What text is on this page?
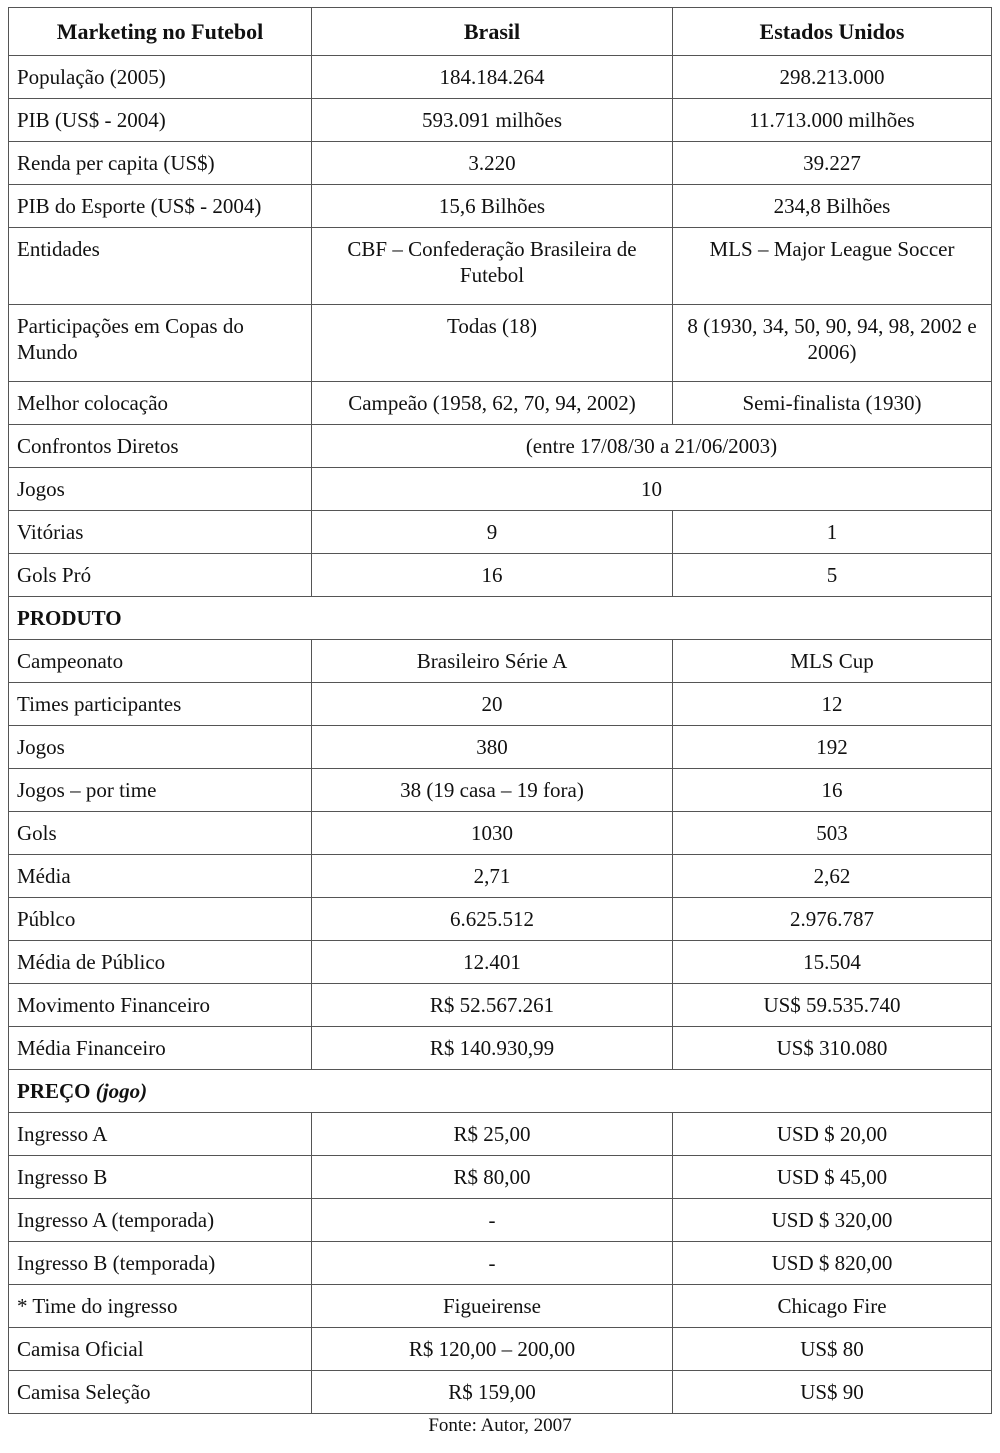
Marketing no Futebol	Brasil	Estados Unidos
População (2005)	184.184.264	298.213.000
PIB (US$ - 2004)	593.091 milhões	11.713.000 milhões
Renda per capita (US$)	3.220	39.227
PIB do Esporte (US$ - 2004)	15,6 Bilhões	234,8 Bilhões
Entidades	CBF – Confederação Brasileira de Futebol	MLS – Major League Soccer
Participações em Copas do Mundo	Todas (18)	8 (1930, 34, 50, 90, 94, 98, 2002 e 2006)
Melhor colocação	Campeão (1958, 62, 70, 94, 2002)	Semi-finalista (1930)
Confrontos Diretos	(entre 17/08/30 a 21/06/2003)	
Jogos	10	
Vitórias	9	1
Gols Pró	16	5
PRODUTO		
Campeonato	Brasileiro Série A	MLS Cup
Times participantes	20	12
Jogos	380	192
Jogos – por time	38 (19 casa – 19 fora)	16
Gols	1030	503
Média	2,71	2,62
Públco	6.625.512	2.976.787
Média de Público	12.401	15.504
Movimento Financeiro	R$ 52.567.261	US$ 59.535.740
Média Financeiro	R$ 140.930,99	US$ 310.080
PREÇO (jogo)		
Ingresso A	R$ 25,00	USD $ 20,00
Ingresso B	R$ 80,00	USD $ 45,00
Ingresso A (temporada)	-	USD $ 320,00
Ingresso B (temporada)	-	USD $ 820,00
* Time do ingresso	Figueirense	Chicago Fire
Camisa Oficial	R$ 120,00 – 200,00	US$ 80
Camisa Seleção	R$ 159,00	US$ 90
Fonte: Autor, 2007
